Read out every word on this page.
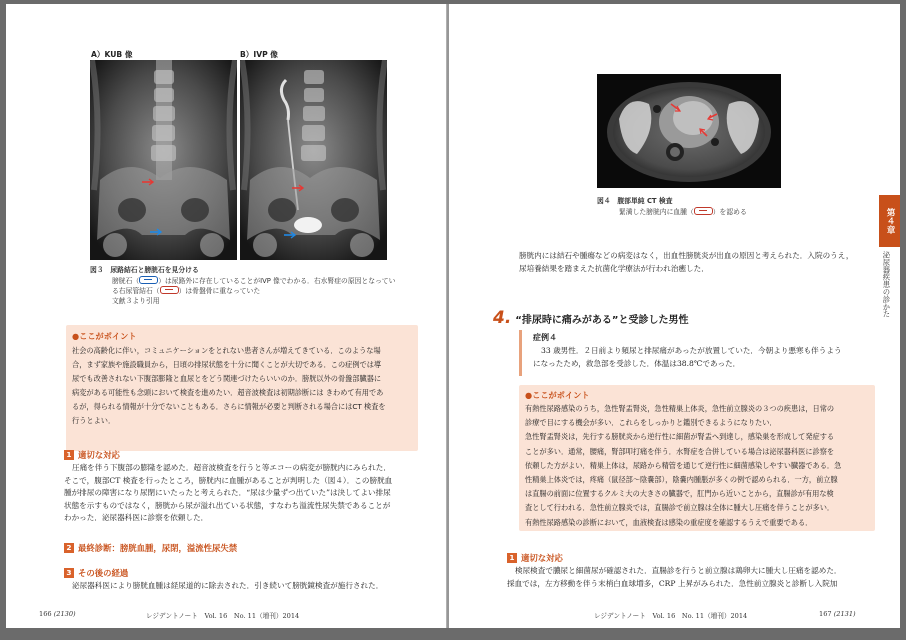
A）KUB 像	B）IVP 像
図３　尿路結石と膀胱石を見分ける
膀胱石（	）は尿路外に存在していることがIVP 像でわかる．右水腎症の原因となってい
る右尿管結石（	）は骨盤骨に重なっていた
文献３より引用
●ここがポイント
社会の高齢化に伴い，コミュニケーションをとれない患者さんが増えてきている．このような場
合，まず家族や施設職員から，日頃の排尿状態を十分に聞くことが大切である．この症例では導
尿でも改善されない下腹部膨隆と血尿とをどう関連づけたらいいのか．膀胱以外の骨盤部臓器に
病変がある可能性も念頭において検査を進めたい．超音波検査は初期診断には きわめて有用であ
るが，得られる情報が十分でないこともある．さらに情報が必要と判断される場合にはCT 検査を
行うとよい．
1 適切な対応
圧痛を伴う下腹部の膨隆を認めた．超音波検査を行うと等エコーの病変が膀胱内にみられた．
そこで，腹部CT 検査を行ったところ，膀胱内に血腫があることが判明した（図４）．この膀胱血
腫が排尿の障害になり尿閉にいたったと考えられた．“尿は少量ずつ出ていた”は決してよい排尿
状態を示すものではなく，膀胱から尿が溢れ出ている状態，すなわち溢流性尿失禁であることが
わかった．泌尿器科医に診察を依頼した．
2 最終診断：膀胱血腫，尿閉，溢流性尿失禁
3 その後の経過
泌尿器科医により膀胱血腫は経尿道的に除去された．引き続いて膀胱鏡検査が施行された．
166 (2130)	レジデントノート　Vol. 16　No. 11（増刊）2014
図４　腹部単純 CT 検査
緊満した膀胱内に血腫（	）を認める	第４章
泌尿器疾患の診かた
膀胱内には結石や腫瘍などの病変はなく，出血性膀胱炎が出血の原因と考えられた．入院のうえ，
尿培養結果を踏まえた抗菌化学療法が行われ治癒した．
4. “排尿時に痛みがある”と受診した男性
症例４
33 歳男性．２日前より頻尿と排尿痛があったが放置していた．今朝より悪寒も伴うよう
になったため，救急部を受診した．体温は38.8℃であった．
●ここがポイント
有熱性尿路感染のうち，急性腎盂腎炎，急性精巣上体炎，急性前立腺炎の３つの疾患は，日常の
診療で目にする機会が多い．これらをしっかりと鑑別できるようになりたい．
急性腎盂腎炎は，先行する膀胱炎から逆行性に細菌が腎盂へ到達し，感染巣を形成して発症する
ことが多い．通常，腰痛，腎部叩打痛を伴う．水腎症を合併している場合は泌尿器科医に診察を
依頼した方がよい．精巣上体は，尿路から精管を通じて逆行性に細菌感染しやすい臓器である．急
性精巣上体炎では，疼痛（鼠径部〜陰嚢部），陰嚢内腫脹が多くの例で認められる．一方，前立腺
は直腸の前面に位置するクルミ大の大きさの臓器で，肛門から近いことから，直腸診が有用な検
査として行われる．急性前立腺炎では，直腸診で前立腺は全体に腫大し圧痛を伴うことが多い．
有熱性尿路感染の診断において，血液検査は感染の重症度を確認するうえで重要である．
1 適切な対応
検尿検査で膿尿と細菌尿が確認された．直腸診を行うと前立腺は鶏卵大に腫大し圧痛を認めた．
採血では，左方移動を伴う末梢白血球増多，CRP 上昇がみられた．急性前立腺炎と診断し入院加
レジデントノート　Vol. 16　No. 11（増刊）2014	167 (2131)
